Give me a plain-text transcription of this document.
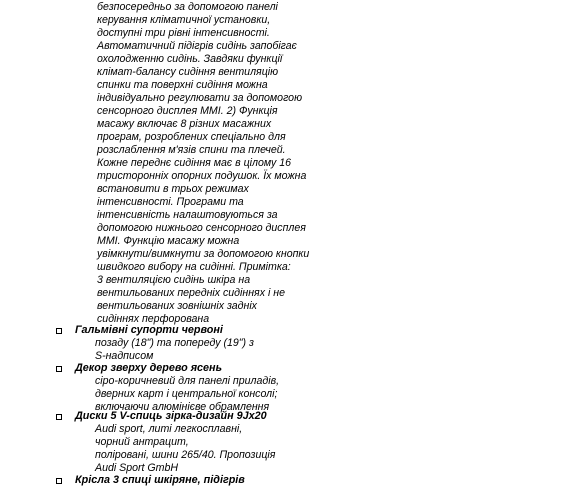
безпосередньо за допомогою панелі
керування кліматичної установки,
доступні три рівні інтенсивності.
Автоматичний підігрів сидінь запобігає
охолодженню сидінь. Завдяки функції
клімат-балансу сидіння вентиляцію
спинки та поверхні сидіння можна
індивідуально регулювати за допомогою
сенсорного дисплея MMI. 2) Функція
масажу включає 8 різних масажних
програм, розроблених спеціально для
розслаблення м'язів спини та плечей.
Кожне переднє сидіння має в цілому 16
тристоронніх опорних подушок. Їх можна
встановити в трьох режимах
інтенсивності. Програми та
інтенсивність налаштовуються за
допомогою нижнього сенсорного дисплея
MMI. Функцію масажу можна
увімкнути/вимкнути за допомогою кнопки
швидкого вибору на сидінні. Примітка:
3 вентиляцією сидінь шкіра на
вентильованих передніх сидіннях і не
вентильованих зовнішніх задніх
сидіннях перфорована
Гальмівні супорти червоні
позаду (18") та попереду (19") з
S-надписом
Декор зверху дерево ясень
сіро-коричневий для панелі приладів,
дверних карт і центральної консолі;
включаючи алюмінієве обрамлення
Диски 5 V-спиць зірка-дизайн 9Jx20
Audi sport, литі легкосплавні,
чорний антрацит,
поліровані, шини 265/40. Пропозиція
Audi Sport GmbH
Крісла 3 спиці шкіряне, підігрів
